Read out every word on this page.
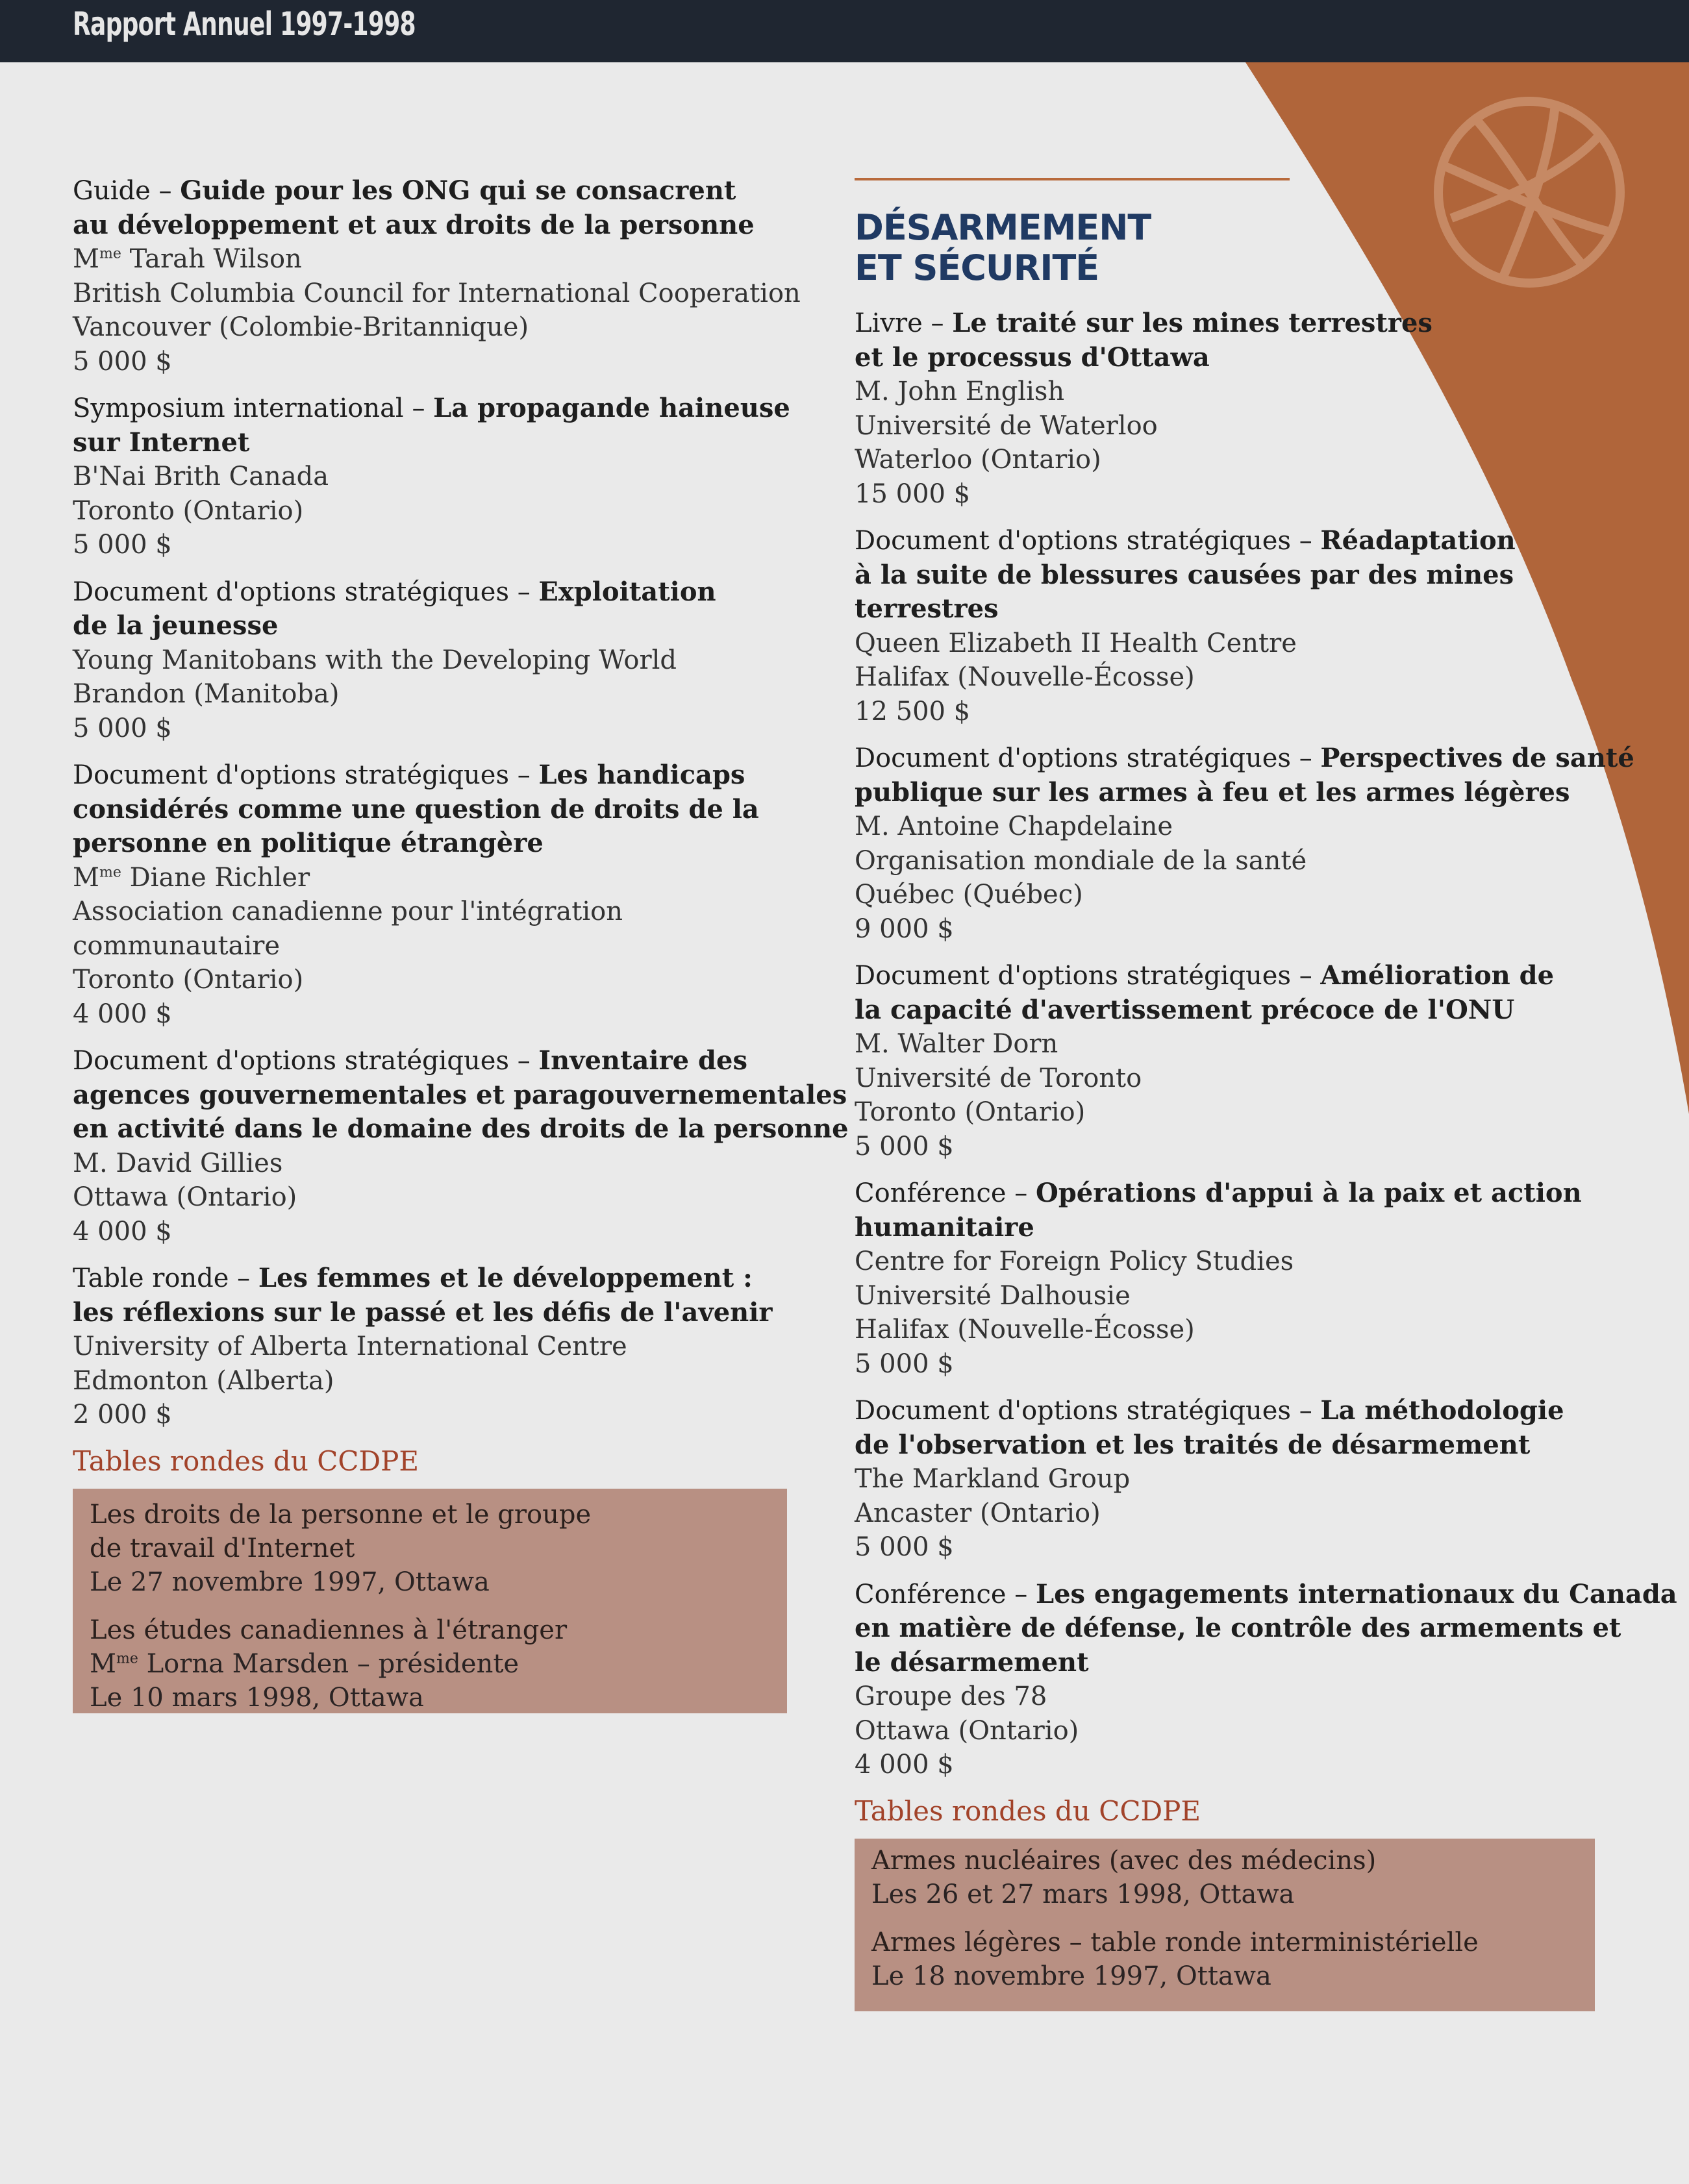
Rapport Annuel 1997-1998
Guide – Guide pour les ONG qui se consacrent
au développement et aux droits de la personne
$M^{me}$ Tarah Wilson
British Columbia Council for International Cooperation
Vancouver (Colombie-Britannique)
5 000 $
Symposium international – La propagande haineuse
sur Internet
B'Nai Brith Canada
Toronto (Ontario)
5 000 $
Document d'options stratégiques – Exploitation
de la jeunesse
Young Manitobans with the Developing World
Brandon (Manitoba)
5 000 $
Document d'options stratégiques – Les handicaps
considérés comme une question de droits de la
personne en politique étrangère
$M^{me}$ Diane Richler
Association canadienne pour l'intégration
communautaire
Toronto (Ontario)
4 000 $
Document d'options stratégiques – Inventaire des
agences gouvernementales et paragouvernementales
en activité dans le domaine des droits de la personne
M. David Gillies
Ottawa (Ontario)
4 000 $
Table ronde – Les femmes et le développement :
les réflexions sur le passé et les défis de l'avenir
University of Alberta International Centre
Edmonton (Alberta)
2 000 $
Tables rondes du CCDPE
Les droits de la personne et le groupe
de travail d'Internet
Le 27 novembre 1997, Ottawa
Les études canadiennes à l'étranger
$M^{me}$ Lorna Marsden – présidente
Le 10 mars 1998, Ottawa
DÉSARMEMENT
ET SÉCURITÉ
Livre – Le traité sur les mines terrestres
et le processus d'Ottawa
M. John English
Université de Waterloo
Waterloo (Ontario)
15 000 $
Document d'options stratégiques – Réadaptation
à la suite de blessures causées par des mines
terrestres
Queen Elizabeth II Health Centre
Halifax (Nouvelle-Écosse)
12 500 $
Document d'options stratégiques – Perspectives de santé
publique sur les armes à feu et les armes légères
M. Antoine Chapdelaine
Organisation mondiale de la santé
Québec (Québec)
9 000 $
Document d'options stratégiques – Amélioration de
la capacité d'avertissement précoce de l'ONU
M. Walter Dorn
Université de Toronto
Toronto (Ontario)
5 000 $
Conférence – Opérations d'appui à la paix et action
humanitaire
Centre for Foreign Policy Studies
Université Dalhousie
Halifax (Nouvelle-Écosse)
5 000 $
Document d'options stratégiques – La méthodologie
de l'observation et les traités de désarmement
The Markland Group
Ancaster (Ontario)
5 000 $
Conférence – Les engagements internationaux du Canada
en matière de défense, le contrôle des armements et
le désarmement
Groupe des 78
Ottawa (Ontario)
4 000 $
Tables rondes du CCDPE
Armes nucléaires (avec des médecins)
Les 26 et 27 mars 1998, Ottawa
Armes légères – table ronde interministérielle
Le 18 novembre 1997, Ottawa
